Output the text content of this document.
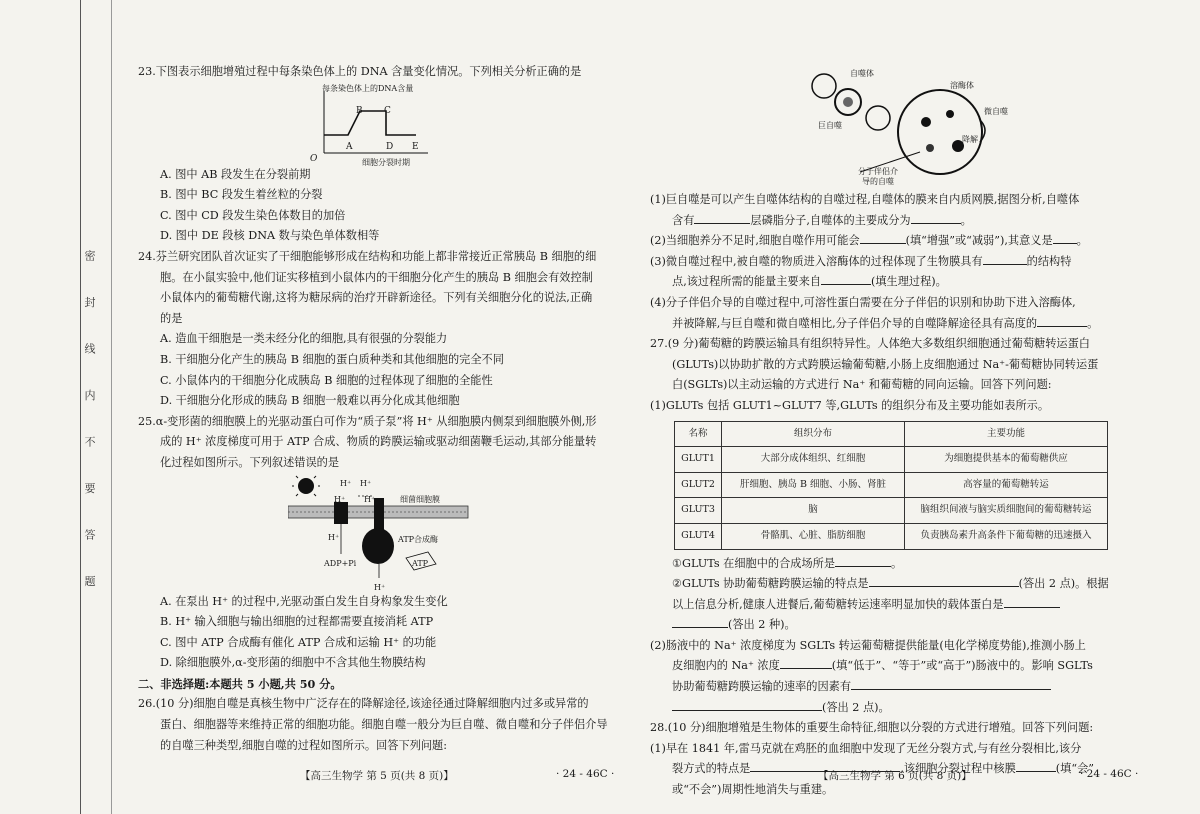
密 封 线 内 不 要 答 题

23.下图表示细胞增殖过程中每条染色体上的 DNA 含量变化情况。下列相关分析正确的是

每条染色体上的DNA含量
A
B C
D E
O	细胞分裂时期

A. 图中 AB 段发生在分裂前期

B. 图中 BC 段发生着丝粒的分裂

C. 图中 CD 段发生染色体数目的加倍

D. 图中 DE 段核 DNA 数与染色单体数相等

24.芬兰研究团队首次证实了干细胞能够形成在结构和功能上都非常接近正常胰岛 B 细胞的细

胞。在小鼠实验中,他们证实移植到小鼠体内的干细胞分化产生的胰岛 B 细胞会有效控制

小鼠体内的葡萄糖代谢,这将为糖尿病的治疗开辟新途径。下列有关细胞分化的说法,正确

的是

A. 造血干细胞是一类未经分化的细胞,具有很强的分裂能力

B. 干细胞分化产生的胰岛 B 细胞的蛋白质种类和其他细胞的完全不同

C. 小鼠体内的干细胞分化成胰岛 B 细胞的过程体现了细胞的全能性

D. 干细胞分化形成的胰岛 B 细胞一般难以再分化成其他细胞

25.α-变形菌的细胞膜上的光驱动蛋白可作为“质子泵”将 H⁺ 从细胞膜内侧泵到细胞膜外侧,形

成的 H⁺ 浓度梯度可用于 ATP 合成、物质的跨膜运输或驱动细菌鞭毛运动,其部分能量转

化过程如图所示。下列叙述错误的是

H⁺ H⁺
H⁺ H⁺	细菌细胞膜
H⁺	ATP合成酶
ADP+Pi	ATP
H⁺

A. 在泵出 H⁺ 的过程中,光驱动蛋白发生自身构象发生变化

B. H⁺ 输入细胞与输出细胞的过程都需要直接消耗 ATP

C. 图中 ATP 合成酶有催化 ATP 合成和运输 H⁺ 的功能

D. 除细胞膜外,α-变形菌的细胞中不含其他生物膜结构

二、非选择题:本题共 5 小题,共 50 分。

26.(10 分)细胞自噬是真核生物中广泛存在的降解途径,该途径通过降解细胞内过多或异常的

蛋白、细胞器等来维持正常的细胞功能。细胞自噬一般分为巨自噬、微自噬和分子伴侣介导

的自噬三种类型,细胞自噬的过程如图所示。回答下列问题:

【高三生物学 第 5 页(共 8 页)】	· 24 - 46C ·
自噬体
溶酶体
微自噬
巨自噬
降解
分子伴侣介
导的自噬

(1)巨自噬是可以产生自噬体结构的自噬过程,自噬体的膜来自内质网膜,据图分析,自噬体

含有	层磷脂分子,自噬体的主要成分为	。

(2)当细胞养分不足时,细胞自噬作用可能会	(填“增强”或“减弱”),其意义是 。

(3)微自噬过程中,被自噬的物质进入溶酶体的过程体现了生物膜具有	的结构特

点,该过程所需的能量主要来自	(填生理过程)。

(4)分子伴侣介导的自噬过程中,可溶性蛋白需要在分子伴侣的识别和协助下进入溶酶体,

并被降解,与巨自噬和微自噬相比,分子伴侣介导的自噬降解途径具有高度的	。

27.(9 分)葡萄糖的跨膜运输具有组织特异性。人体绝大多数组织细胞通过葡萄糖转运蛋白

(GLUTs)以协助扩散的方式跨膜运输葡萄糖,小肠上皮细胞通过 Na⁺-葡萄糖协同转运蛋

白(SGLTs)以主动运输的方式进行 Na⁺ 和葡萄糖的同向运输。回答下列问题:

(1)GLUTs 包括 GLUT1~GLUT7 等,GLUTs 的组织分布及主要功能如表所示。

名称	组织分布	主要功能
GLUT1	大部分成体组织、红细胞	为细胞提供基本的葡萄糖供应
GLUT2	肝细胞、胰岛 B 细胞、小肠、肾脏	高容量的葡萄糖转运
GLUT3	脑	脑组织间液与脑实质细胞间的葡萄糖转运
GLUT4	骨骼肌、心脏、脂肪细胞	负责胰岛素升高条件下葡萄糖的迅速摄入

①GLUTs 在细胞中的合成场所是	。

②GLUTs 协助葡萄糖跨膜运输的特点是	(答出 2 点)。根据

以上信息分析,健康人进餐后,葡萄糖转运速率明显加快的载体蛋白是

(答出 2 种)。

(2)肠液中的 Na⁺ 浓度梯度为 SGLTs 转运葡萄糖提供能量(电化学梯度势能),推测小肠上

皮细胞内的 Na⁺ 浓度	(填“低于”、“等于”或“高于”)肠液中的。影响 SGLTs

协助葡萄糖跨膜运输的速率的因素有

(答出 2 点)。

28.(10 分)细胞增殖是生物体的重要生命特征,细胞以分裂的方式进行增殖。回答下列问题:

(1)早在 1841 年,雷马克就在鸡胚的血细胞中发现了无丝分裂方式,与有丝分裂相比,该分

裂方式的特点是	,该细胞分裂过程中核膜	(填“会”

或“不会”)周期性地消失与重建。

【高三生物学 第 6 页(共 8 页)】	· 24 - 46C ·
